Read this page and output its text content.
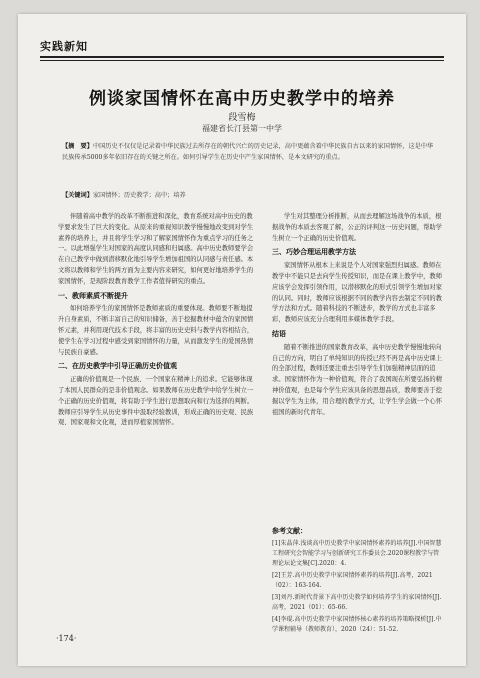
实践新知
例谈家国情怀在高中历史教学中的培养
段雪梅
福建省长汀县第一中学
【摘　要】中国历史不仅仅是记录着中华民族过去所存在的朝代兴亡的历史记录，高中更蕴含着中华民族自古以来的家国情怀，这是中华民族传承5000多年依旧存在的关键之所在。如何引导学生在历史中产生家国情怀，是本文研究的重点。
【关键词】家国情怀；历史教学；高中；培养

伴随着高中教学的改革不断推进和深化，教育系统对高中历史的教学要求发生了巨大的变化。从原来的重视知识教学慢慢地改变到对学生素养的培养上，并且将学生学习和了解家国情怀作为重点学习的任务之一。以此增强学生对国家的高度认同感和归属感。高中历史教师要学会在自己教学中做到潜移默化地引导学生增加祖国的认同感与责任感。本文将以教师和学生的两方面为主要内容来研究，如何更好地培养学生的家国情怀，是现阶段教育教学工作者值得研究的重点。

一、教师素质不断提升

如何培养学生的家国情怀是教师素质的重要体现。教师要不断地提升自身素质，不断丰富自己的知识储备，善于挖掘教材中蕴含的家国情怀元素，并利用现代技术手段，将丰富的历史史料与教学内容相结合，使学生在学习过程中感受到家国情怀的力量，从而激发学生的爱国热情与民族自豪感。

二、在历史教学中引导正确历史价值观

正确的价值观是一个民族、一个国家在精神上的追求。它能够体现了本国人民群众的是非价值观念。如果教师在历史教学中给学生树立一个正确的历史价值观，将有助于学生进行思想取向和行为选择的判断。教师应引导学生从历史事件中汲取经验教训，形成正确的历史观、民族观、国家观和文化观，进而厚植家国情怀。

学生对其整理分析推断，从而去理解这场战争的本质，根据战争的本质去客观了解，公正的评判这一历史问题，帮助学生树立一个正确的历史价值观。

三、巧妙合理运用教学方法

家国情怀从根本上来说是个人对国家强烈归属感。教师在教学中不能只是去向学生传授知识，而是在课上教学中，教师应该学会发挥引领作用，以潜移默化的形式引领学生增加对家的认同。同时，教师应该根据不同的教学内容去制定不同的教学方法和方式。随着科技的不断进步，教学的方式也丰富多彩，教师应该充分合理利用多媒体教学手段。

结语

随着不断推进的国家教育改革，高中历史教学慢慢地转向自己的方向，明白了单纯知识的传授已经不再是高中历史课上的全部过程，教师还要注重去引导学生们加强精神层面的追求。国家情怀作为一种价值观，符合了我国现在所要弘扬的精神价值观，也是每个学生应该具备的思想品质，教师要善于挖掘以学生为主体，用合理的教学方式，让学生学会做一个心怀祖国的新时代青年。

参考文献：
[1]朱晶萍.浅谈高中历史教学中家国情怀素养的培养[J].中国智慧工程研究会智能学习与创新研究工作委员会.2020课程教学与管理论坛论文集[C].2020：4.
[2]王芳.高中历史教学中家国情怀素养的培养[J].高考，2021（02）：163-164.
[3]刘丹.新时代背景下高中历史教学如何培养学生的家国情怀[J].高考，2021（01）：65-66.
[4]李琨.高中历史教学中家国情怀核心素养的培养策略探析[J].中学课程辅导（教师教育），2020（24）：51-52.
·174·
